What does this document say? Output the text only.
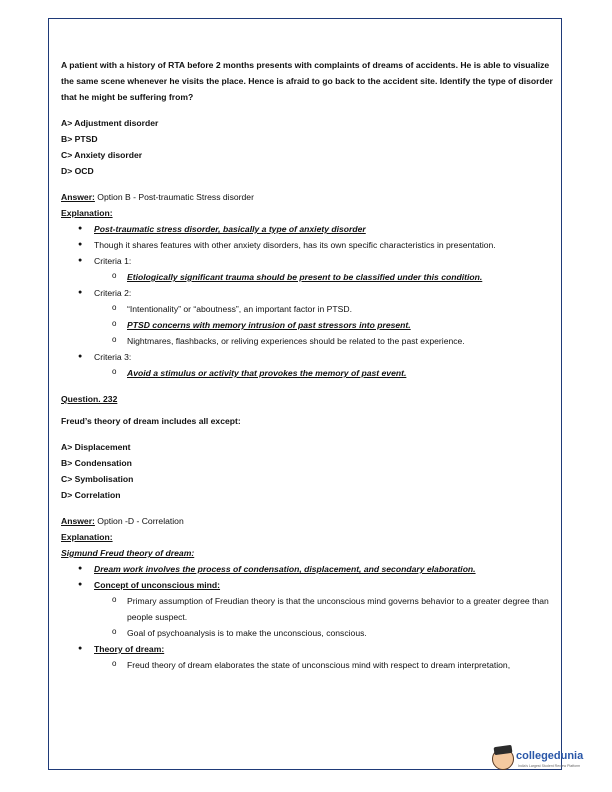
A patient with a history of RTA before 2 months presents with complaints of dreams of accidents. He is able to visualize the same scene whenever he visits the place. Hence is afraid to go back to the accident site. Identify the type of disorder that he might be suffering from?
A> Adjustment disorder
B> PTSD
C> Anxiety disorder
D> OCD
Answer: Option B - Post-traumatic Stress disorder
Explanation:
● Post-traumatic stress disorder, basically a type of anxiety disorder
● Though it shares features with other anxiety disorders, has its own specific characteristics in presentation.
● Criteria 1:
o Etiologically significant trauma should be present to be classified under this condition.
● Criteria 2:
o “Intentionality” or “aboutness”, an important factor in PTSD.
o PTSD concerns with memory intrusion of past stressors into present.
o Nightmares, flashbacks, or reliving experiences should be related to the past experience.
● Criteria 3:
o Avoid a stimulus or activity that provokes the memory of past event.
Question. 232
Freud’s theory of dream includes all except:
A> Displacement
B> Condensation
C> Symbolisation
D> Correlation
Answer: Option -D - Correlation
Explanation:
Sigmund Freud theory of dream:
● Dream work involves the process of condensation, displacement, and secondary elaboration.
● Concept of unconscious mind:
o Primary assumption of Freudian theory is that the unconscious mind governs behavior to a greater degree than people suspect.
o Goal of psychoanalysis is to make the unconscious, conscious.
● Theory of dream:
o Freud theory of dream elaborates the state of unconscious mind with respect to dream interpretation,
collegedunia
India's Largest Student Review Platform
